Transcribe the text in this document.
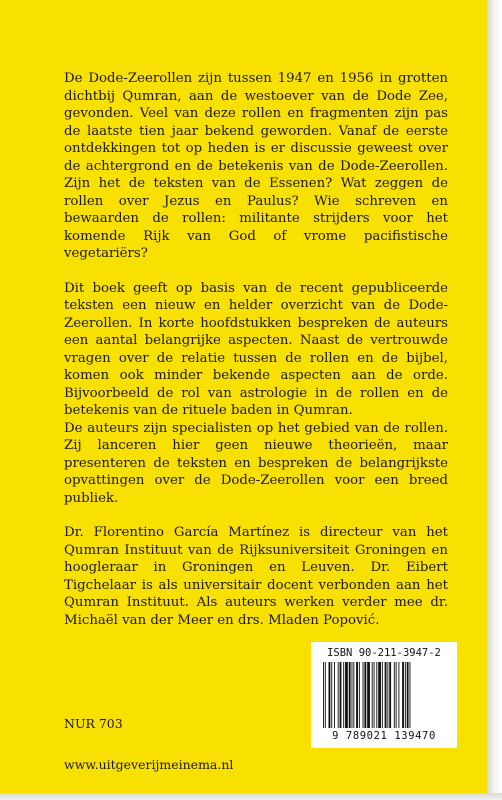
De Dode-Zeerollen zijn tussen 1947 en 1956 in grotten dichtbij Qumran, aan de westoever van de Dode Zee, gevonden. Veel van deze rollen en fragmenten zijn pas de laatste tien jaar bekend geworden. Vanaf de eerste ontdekkingen tot op heden is er discussie geweest over de achtergrond en de betekenis van de Dode-Zeerollen. Zijn het de teksten van de Essenen? Wat zeggen de rollen over Jezus en Paulus? Wie schreven en bewaarden de rollen: militante strijders voor het komende Rijk van God of vrome pacifistische vegetariërs?

Dit boek geeft op basis van de recent gepubliceerde teksten een nieuw en helder overzicht van de Dode-Zeerollen. In korte hoofdstukken bespreken de auteurs een aantal belangrijke aspecten. Naast de vertrouwde vragen over de relatie tussen de rollen en de bijbel, komen ook minder bekende aspecten aan de orde. Bijvoorbeeld de rol van astrologie in de rollen en de betekenis van de rituele baden in Qumran.

De auteurs zijn specialisten op het gebied van de rollen. Zij lanceren hier geen nieuwe theorieën, maar presenteren de teksten en bespreken de belangrijkste opvattingen over de Dode-Zeerollen voor een breed publiek.

Dr. Florentino García Martínez is directeur van het Qumran Instituut van de Rijksuniversiteit Groningen en hoogleraar in Groningen en Leuven. Dr. Eibert Tigchelaar is als universitair docent verbonden aan het Qumran Instituut. Als auteurs werken verder mee dr. Michaël van der Meer en drs. Mladen Popović.

NUR 703
www.uitgeverijmeinema.nl
ISBN 90-211-3947-2
9 789021 139470
